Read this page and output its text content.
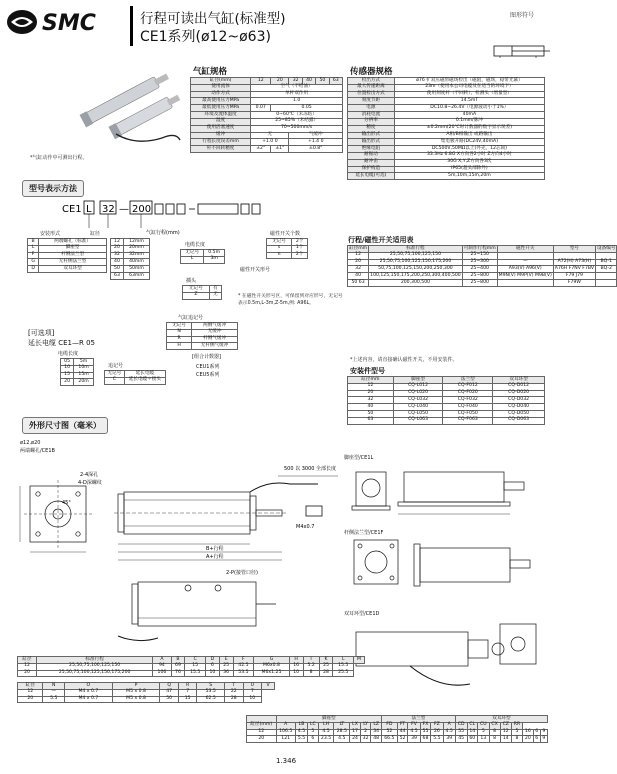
SMC	行程可读出气缸(标准型)
CE1系列(ø12~ø63)
图形符号
*气缸动作中可测出行程。
气缸规格
缸径(mm)	12	20	32	40	50	63
使用流体	空气（不给油）					
动作方式	单杆双作用					
最高使用压力MPa	1.0					
最低使用压力MPa	0.07	0.05				
环境及流体温度	0~60℃（未冻结）					
湿度	25~85%（未结露）					
使用活塞速度	70~500mm/s					
缓冲	无		气缓冲			
行程长度误差mm	+1.0 0		+1.4 0			
杆不回转精度	±2°	±1°	±0.8°			
传感器规格
检出方式	ø76 扩双压磁带磁场检出（磁阻，磁场，稳带光幕）
最大传递距离	23m（使用本公司电缆及在适当的环境下）
位置检出方式	使用刻度杆（不回转），检测头（增量型）
刻度节距	14.5mT
电源	DC10.8~26.4V（电源波动小于1%）
消耗电流	40mA
分辨率	0.1mm/脉冲
精度	±0.2mm(20℃时计数器的数字显示误差)
输出形式	A相/B相输出 或路输出
输出形式	集电极开路(DC24V,40mA)
绝缘电阻	DC500V,50MΩ以上(外壳，12芯间)
耐振动	33.3Hz 6.8G X方向各2小时 Z方向4小时
耐冲击	30G X,Y,Z方向各3次
保护构造	IP65(超头部除外)
延长电缆(可选)	5m,10m,15m,20m
型号表示方法
CE1 L 32 — 200
气缸行程(mm)
安装形式
B	两端螺孔（标准）
L	脚座型
F	杆侧法兰型
G	无杆侧法兰型
D	双耳环型
缸径
12	12mm
20	20mm
32	32mm
40	40mm
50	50mm
63	63mm
电缆长度
无记号	0.5m
L	3m
插头
无记号	有
Z	无
磁性开关形号
* 在磁性开关形号区，可保留到对应形号，无记号表示0.5m,L-3m,Z-5m,例: A96L。
磁性开关个数
无记号	2个
s	1个
n	2个
气缸追记号
无记号	两侧气缓冲
N	无缓冲
R	杆侧气缓冲
H	无杆侧气缓冲
[可选项]
延长电缆 CE1—R 05
电缆长度
05	5m
10	10m
15	15m
20	20m
追记号
无记号	延长电缆
C	延长电缆＋接头
[组合计数器]
CEU1系列
CEU5系列
行程/磁性开关适用表
缸径mm	标准行程	可制作行程mm	磁性开关	型号	设备编号
12	25,50,75,100,125,150	25~150			
20	25,50,75,100,125,150,175,200	25~300	—	A72(H) A73(H)	BQ-1
32	50,75,100,125,150,200,250,300	25~400	A93(V) A96(V)	A76H F7NV F7BV	BQ-2
40	100,125,150,175,200,250,300,400,500	25~800	M9N(V) M9P(V) M9B(V)	F79 J79	
50 63	200,300,500	25~800		F79W	
*上述内容，请直接确认磁性开关，不用安装件。
安装件型号
缸径mm	脚座型	法兰型	双耳环型
12	CQ-L012	CQ-F012	CQ-D012
20	CQ-L020	CQ-F020	CQ-D020
32	CQ-L032	CQ-F032	CQ-D032
40	CQ-L040	CQ-F040	CQ-D040
50	CQ-L050	CQ-F050	CQ-D050
63	CQ-L063	CQ-F063	CQ-D063
外形尺寸图（毫米）
ø12,ø20
两端螺孔/CE1B
2-4深孔
4-D深螺纹
45°
500 以 3000 全部长度
M4x0.7
B+行程
A+行程
2-P(接管口径)
脚座型/CE1L
杆侧法兰型/CE1F
双耳环型/CE1D
缸径	标准行程	A	B	C	D	E	F	G	H	I	K	L	M
12	25,50,75,100,125,150	94	69	15	6	25	42.5	M6x0.8	16	5.2	25	15.5	
20	25,50,75,100,125,150,175,200	106	76	15.5	10	36	53.5	M6x1.25	10	8	28	25.5	
缸径	N	O	P	Q	R	S	T	U	V
12	—	M4 x 0.7	M5 x 0.8	47	7	53.5	22	7	
20	5.5	M4 x 0.7	M5 x 0.8	50	15	62.5	28	10	
	脚座型								法兰型						双耳环型								
缸径(mm)	A	LB	LC	LH	LT	LX	LY	LZ	FD	FT	FV	FX	FZ	A	CD	CL	CU	CX	CZ	RR			
12	106.5	4.5	5	4.5	28.5	17	2	34	52	44	4.5	55	26	4.5	55	14	5	8	12	5	16	6	9
20	121	5.5	6	23.5	4.5	24	32	48	66.5	52	39	68	5.5	39	45	60	13	8	14	8	20	6	9
1.346
